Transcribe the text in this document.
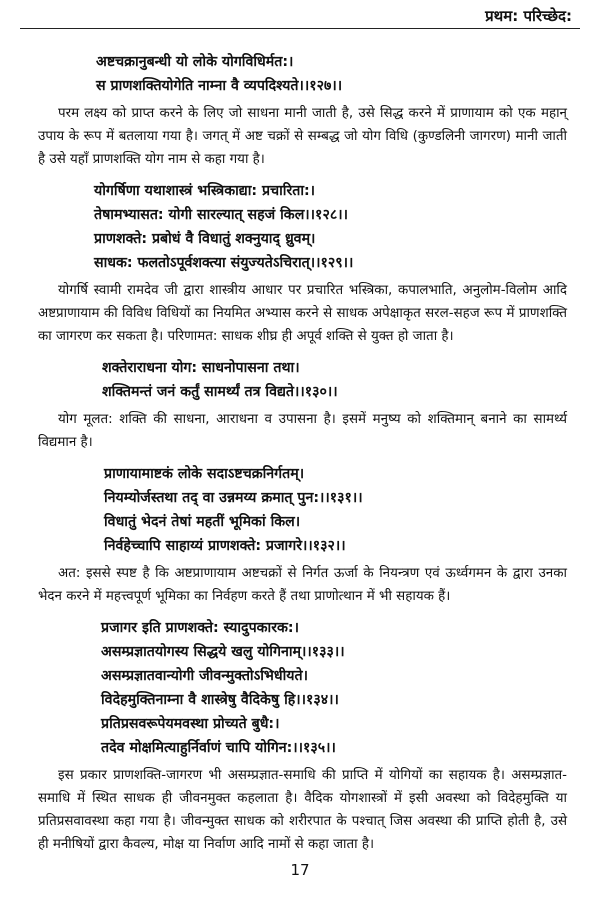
प्रथम: परिच्छेद:
अष्टचक्रानुबन्धी यो लोके योगविधिर्मत:।
स प्राणशक्तियोगेति नाम्ना वै व्यपदिश्यते।।१२७।।

परम लक्ष्य को प्राप्त करने के लिए जो साधना मानी जाती है, उसे सिद्ध करने में प्राणायाम को एक महान् उपाय के रूप में बतलाया गया है। जगत् में अष्ट चक्रों से सम्बद्ध जो योग विधि (कुण्डलिनी जागरण) मानी जाती है उसे यहाँ प्राणशक्ति योग नाम से कहा गया है।

योगर्षिणा यथाशास्त्रं भस्त्रिकाद्या: प्रचारिता:।
तेषामभ्यासत: योगी सारल्यात् सहजं किल।।१२८।।
प्राणशक्ते: प्रबोधं वै विधातुं शक्नुयाद् ध्रुवम्।
साधक: फलतोऽपूर्वशक्त्या संयुज्यतेऽचिरात्।।१२९।।

योगर्षि स्वामी रामदेव जी द्वारा शास्त्रीय आधार पर प्रचारित भस्त्रिका, कपालभाति, अनुलोम-विलोम आदि अष्टप्राणायाम की विविध विधियों का नियमित अभ्यास करने से साधक अपेक्षाकृत सरल-सहज रूप में प्राणशक्ति का जागरण कर सकता है। परिणामत: साधक शीघ्र ही अपूर्व शक्ति से युक्त हो जाता है।

शक्तेराराधना योग: साधनोपासना तथा।
शक्तिमन्तं जनं कर्तुं सामर्थ्यं तत्र विद्यते।।१३०।।

योग मूलत: शक्ति की साधना, आराधना व उपासना है। इसमें मनुष्य को शक्तिमान् बनाने का सामर्थ्य विद्यमान है।

प्राणायामाष्टकं लोके सदाऽष्टचक्रनिर्गतम्।
नियम्योर्जस्तथा तद् वा उन्नमय्य क्रमात् पुन:।।१३१।।
विधातुं भेदनं तेषां महतीं भूमिकां किल।
निर्वहेच्चापि साहाय्यं प्राणशक्ते: प्रजागरे।।१३२।।

अत: इससे स्पष्ट है कि अष्टप्राणायाम अष्टचक्रों से निर्गत ऊर्जा के नियन्त्रण एवं ऊर्ध्वगमन के द्वारा उनका भेदन करने में महत्त्वपूर्ण भूमिका का निर्वहण करते हैं तथा प्राणोत्थान में भी सहायक हैं।

प्रजागर इति प्राणशक्ते: स्यादुपकारक:।
असम्प्रज्ञातयोगस्य सिद्धये खलु योगिनाम्।।१३३।।
असम्प्रज्ञातवान्योगी जीवन्मुक्तोऽभिधीयते।
विदेहमुक्तिनाम्ना वै शास्त्रेषु वैदिकेषु हि।।१३४।।
प्रतिप्रसवरूपेयमवस्था प्रोच्यते बुधै:।
तदेव मोक्षमित्याहुर्निर्वाणं चापि योगिन:।।१३५।।

इस प्रकार प्राणशक्ति-जागरण भी असम्प्रज्ञात-समाधि की प्राप्ति में योगियों का सहायक है। असम्प्रज्ञात-समाधि में स्थित साधक ही जीवनमुक्त कहलाता है। वैदिक योगशास्त्रों में इसी अवस्था को विदेहमुक्ति या प्रतिप्रसवावस्था कहा गया है। जीवन्मुक्त साधक को शरीरपात के पश्चात् जिस अवस्था की प्राप्ति होती है, उसे ही मनीषियों द्वारा कैवल्य, मोक्ष या निर्वाण आदि नामों से कहा जाता है।

17
